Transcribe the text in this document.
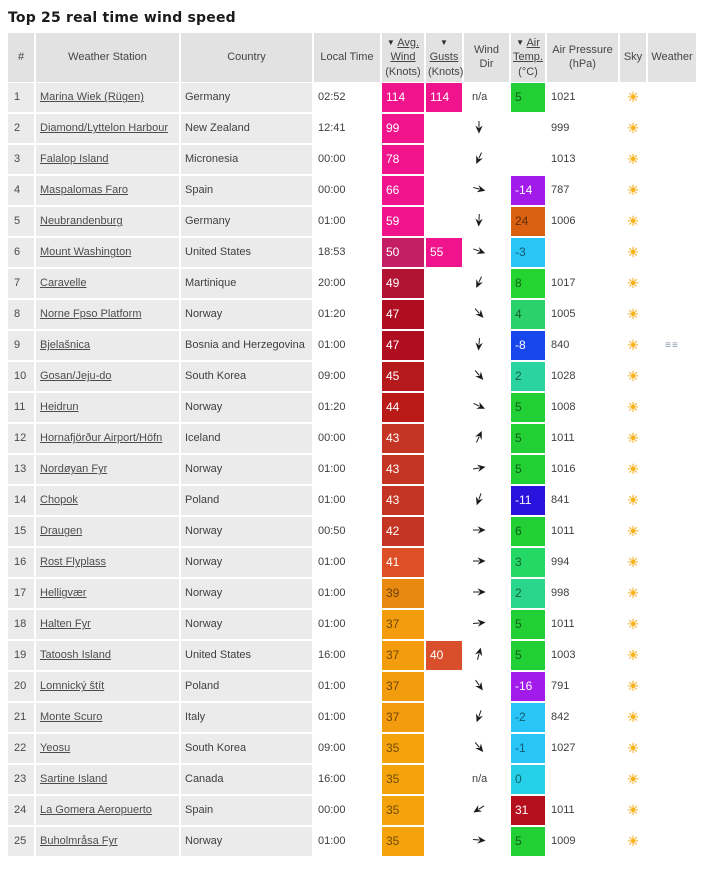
Top 25 real time wind speed
#	Weather Station	Country	Local Time	▼ Avg. Wind (Knots)	▼ Gusts (Knots)	Wind Dir	▼ Air Temp. (°C)	Air Pressure (hPa)	Sky	Weather
1	Marina Wiek (Rügen)	Germany	02:52	114	114	n/a	5	1021	☀	
2	Diamond/Lyttelon Harbour	New Zealand	12:41	99				999	☀	
3	Falalop Island	Micronesia	00:00	78				1013	☀	
4	Maspalomas Faro	Spain	00:00	66			-14	787	☀	
5	Neubrandenburg	Germany	01:00	59			24	1006	☀	
6	Mount Washington	United States	18:53	50	55		-3		☀	
7	Caravelle	Martinique	20:00	49			8	1017	☀	
8	Norne Fpso Platform	Norway	01:20	47			4	1005	☀	
9	Bjelašnica	Bosnia and Herzegovina	01:00	47			-8	840	☀	≡≡
10	Gosan/Jeju-do	South Korea	09:00	45			2	1028	☀	
11	Heidrun	Norway	01:20	44			5	1008	☀	
12	Hornafjörður Airport/Höfn	Iceland	00:00	43			5	1011	☀	
13	Nordøyan Fyr	Norway	01:00	43			5	1016	☀	
14	Chopok	Poland	01:00	43			-11	841	☀	
15	Draugen	Norway	00:50	42			6	1011	☀	
16	Rost Flyplass	Norway	01:00	41			3	994	☀	
17	Helligvær	Norway	01:00	39			2	998	☀	
18	Halten Fyr	Norway	01:00	37			5	1011	☀	
19	Tatoosh Island	United States	16:00	37	40		5	1003	☀	
20	Lomnický štít	Poland	01:00	37			-16	791	☀	
21	Monte Scuro	Italy	01:00	37			-2	842	☀	
22	Yeosu	South Korea	09:00	35			-1	1027	☀	
23	Sartine Island	Canada	16:00	35		n/a	0		☀	
24	La Gomera Aeropuerto	Spain	00:00	35			31	1011	☀	
25	Buholmråsa Fyr	Norway	01:00	35			5	1009	☀	
